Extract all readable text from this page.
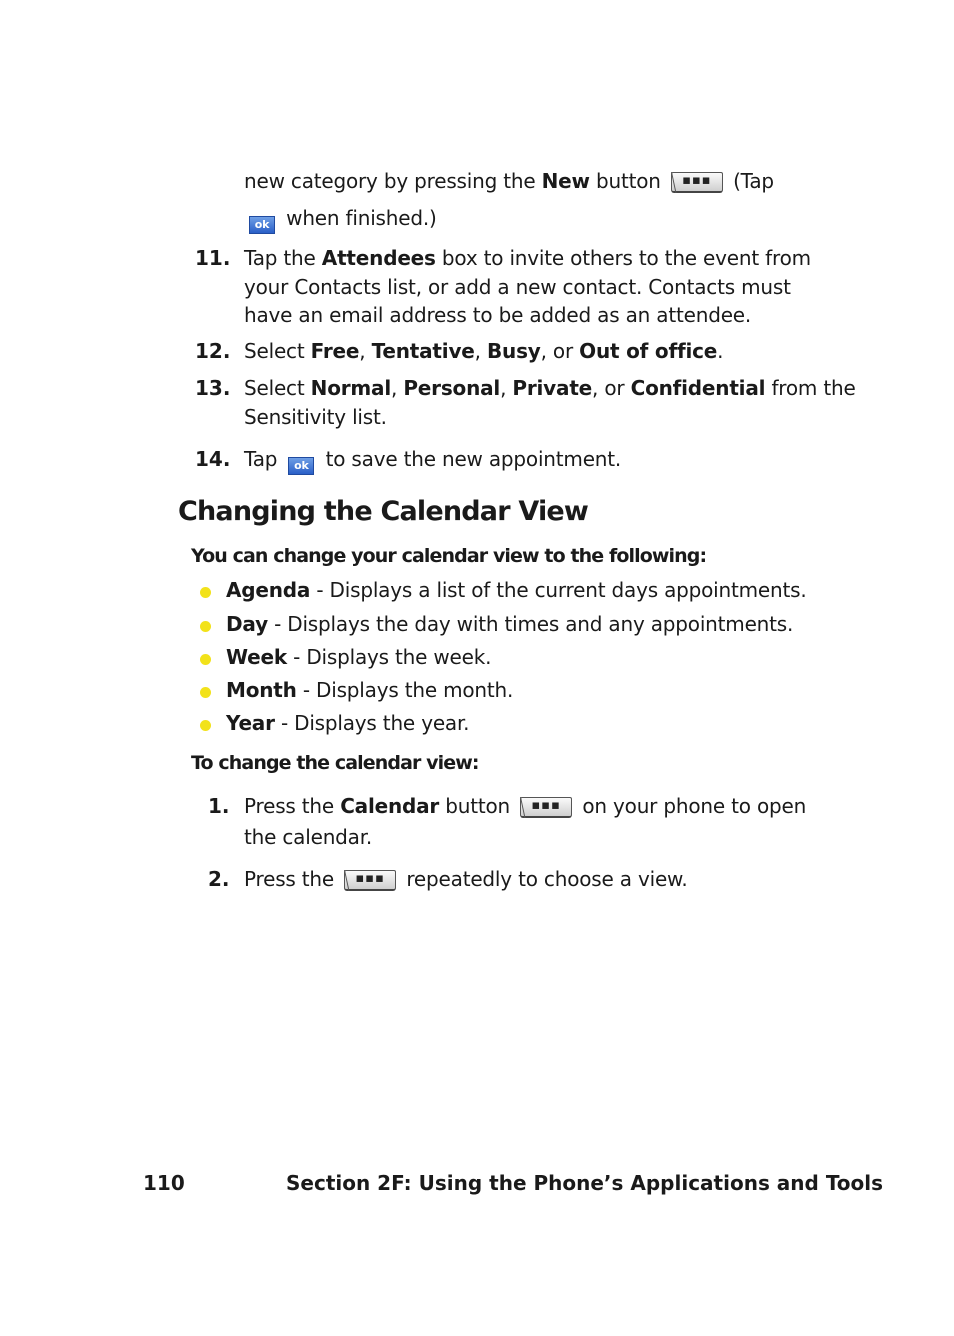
new category by pressing the New button	▪▪▪ (Tap
ok when finished.)
11. Tap the Attendees box to invite others to the event from
your Contacts list, or add a new contact. Contacts must
have an email address to be added as an attendee.
12. Select Free, Tentative, Busy, or Out of office.
13. Select Normal, Personal, Private, or Confidential from the
Sensitivity list.
14. Tap ok to save the new appointment.
Changing the Calendar View
You can change your calendar view to the following:
Agenda - Displays a list of the current days appointments.
Day - Displays the day with times and any appointments.
Week - Displays the week.
Month - Displays the month.
Year - Displays the year.
To change the calendar view:
1. Press the Calendar button	▪▪▪ on your phone to open
the calendar.
2. Press the	▪▪▪ repeatedly to choose a view.
110	Section 2F: Using the Phone’s Applications and Tools
